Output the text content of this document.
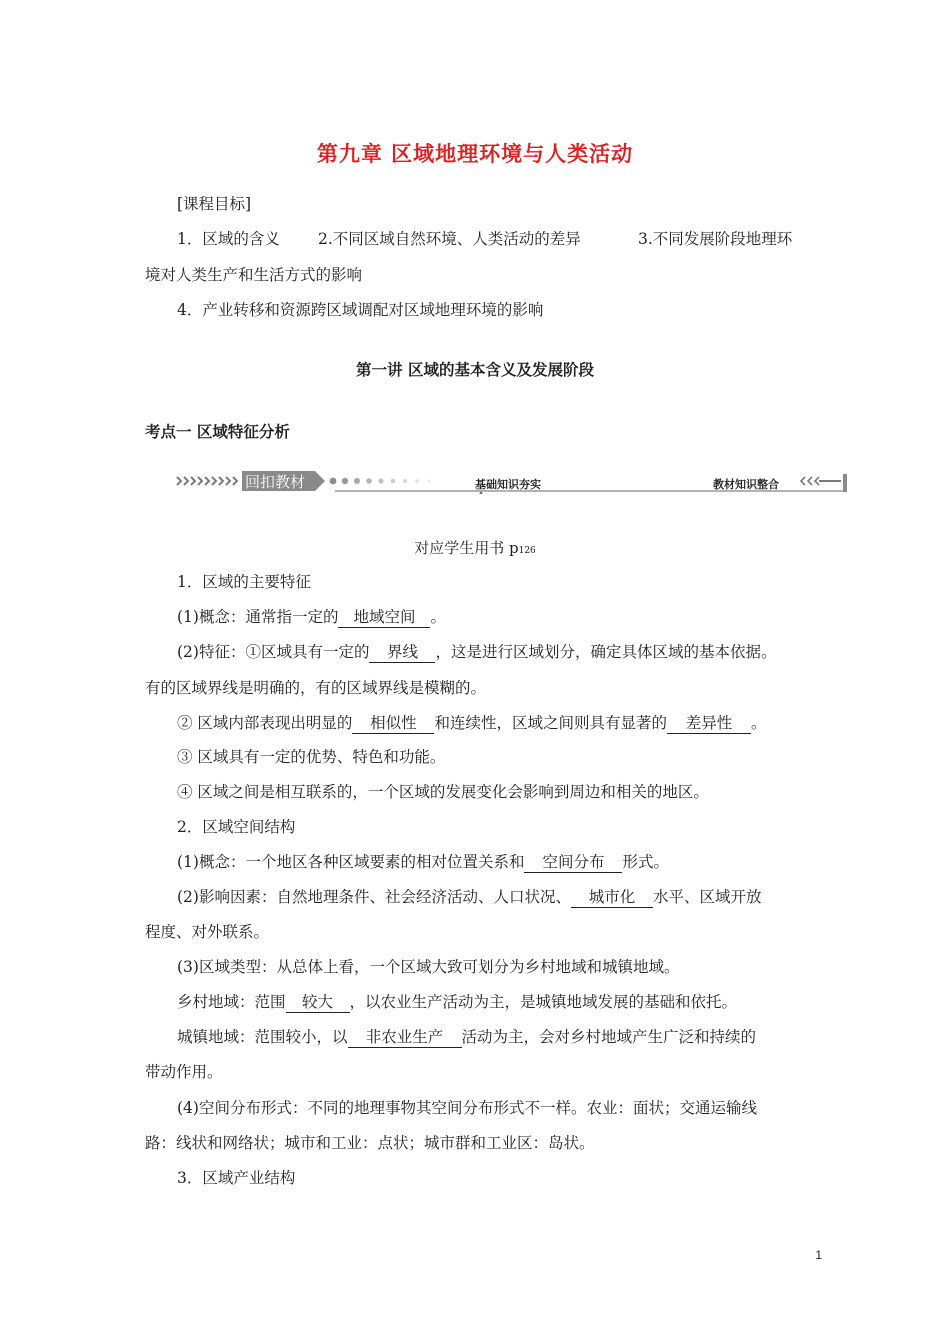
第九章 区域地理环境与人类活动
[课程目标]
1．区域的含义 2.不同区域自然环境、人类活动的差异	3.不同发展阶段地理环
境对人类生产和生活方式的影响
4．产业转移和资源跨区域调配对区域地理环境的影响
第一讲 区域的基本含义及发展阶段
考点一 区域特征分析
回扣教材	基础知识夯实	教材知识整合
对应学生用书 p126
1．区域的主要特征
(1)概念：通常指一定的 地域空间 。
(2)特征：①区域具有一定的 界线 ，这是进行区域划分，确定具体区域的基本依据。
有的区域界线是明确的，有的区域界线是模糊的。
② 区域内部表现出明显的 相似性 和连续性，区域之间则具有显著的 差异性 。
③ 区域具有一定的优势、特色和功能。
④ 区域之间是相互联系的，一个区域的发展变化会影响到周边和相关的地区。
2．区域空间结构
(1)概念：一个地区各种区域要素的相对位置关系和 空间分布 形式。
(2)影响因素：自然地理条件、社会经济活动、人口状况、 城市化 水平、区域开放
程度、对外联系。
(3)区域类型：从总体上看，一个区域大致可划分为乡村地域和城镇地域。
乡村地域：范围 较大 ，以农业生产活动为主，是城镇地域发展的基础和依托。
城镇地域：范围较小，以 非农业生产 活动为主，会对乡村地域产生广泛和持续的
带动作用。
(4)空间分布形式：不同的地理事物其空间分布形式不一样。农业：面状；交通运输线
路：线状和网络状；城市和工业：点状；城市群和工业区：岛状。
3．区域产业结构
1
